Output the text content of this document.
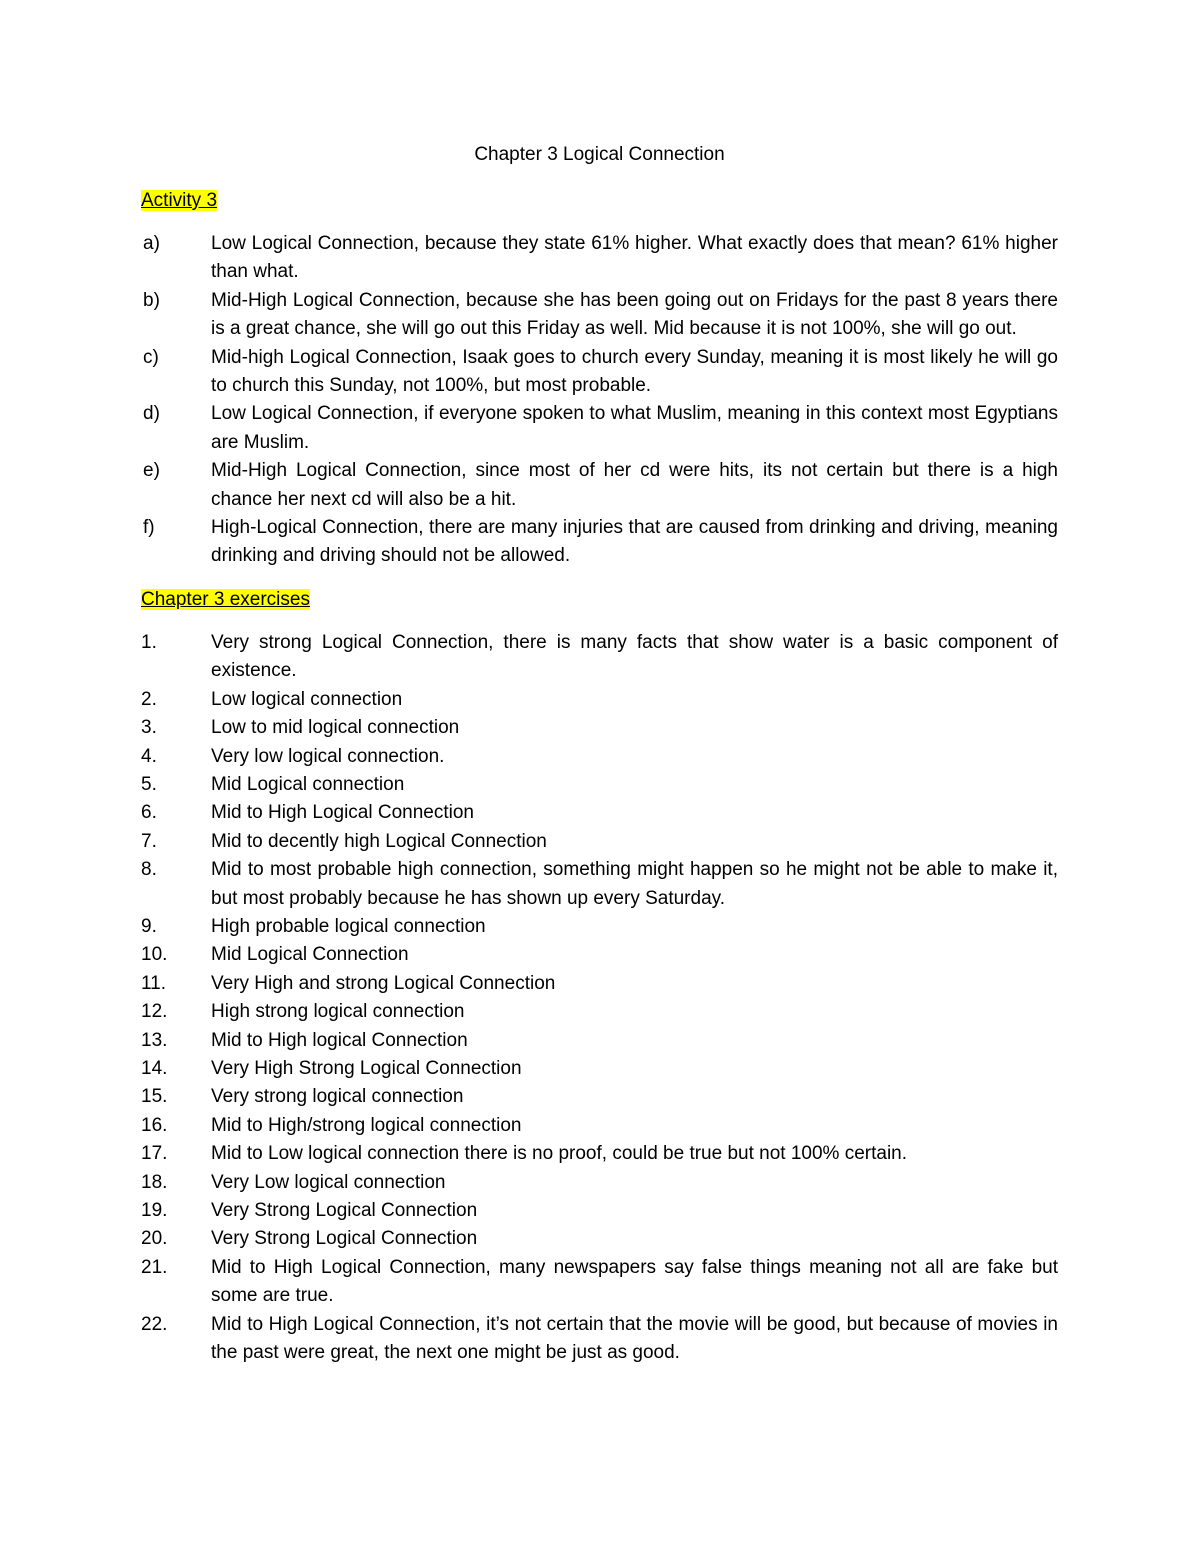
Chapter 3 Logical Connection
Activity 3
a)	Low Logical Connection, because they state 61% higher. What exactly does that mean? 61% higher than what.
b)	Mid-High Logical Connection, because she has been going out on Fridays for the past 8 years there is a great chance, she will go out this Friday as well. Mid because it is not 100%, she will go out.
c)	Mid-high Logical Connection, Isaak goes to church every Sunday, meaning it is most likely he will go to church this Sunday, not 100%, but most probable.
d)	Low Logical Connection, if everyone spoken to what Muslim, meaning in this context most Egyptians are Muslim.
e)	Mid-High Logical Connection, since most of her cd were hits, its not certain but there is a high chance her next cd will also be a hit.
f)	High-Logical Connection, there are many injuries that are caused from drinking and driving, meaning drinking and driving should not be allowed.
Chapter 3 exercises
1.	Very strong Logical Connection, there is many facts that show water is a basic component of existence.
2.	Low logical connection
3.	Low to mid logical connection
4.	Very low logical connection.
5.	Mid Logical connection
6.	Mid to High Logical Connection
7.	Mid to decently high Logical Connection
8.	Mid to most probable high connection, something might happen so he might not be able to make it, but most probably because he has shown up every Saturday.
9.	High probable logical connection
10.	Mid Logical Connection
11.	Very High and strong Logical Connection
12.	High strong logical connection
13.	Mid to High logical Connection
14.	Very High Strong Logical Connection
15.	Very strong logical connection
16.	Mid to High/strong logical connection
17.	Mid to Low logical connection there is no proof, could be true but not 100% certain.
18.	Very Low logical connection
19.	Very Strong Logical Connection
20.	Very Strong Logical Connection
21.	Mid to High Logical Connection, many newspapers say false things meaning not all are fake but some are true.
22.	Mid to High Logical Connection, it’s not certain that the movie will be good, but because of movies in the past were great, the next one might be just as good.
